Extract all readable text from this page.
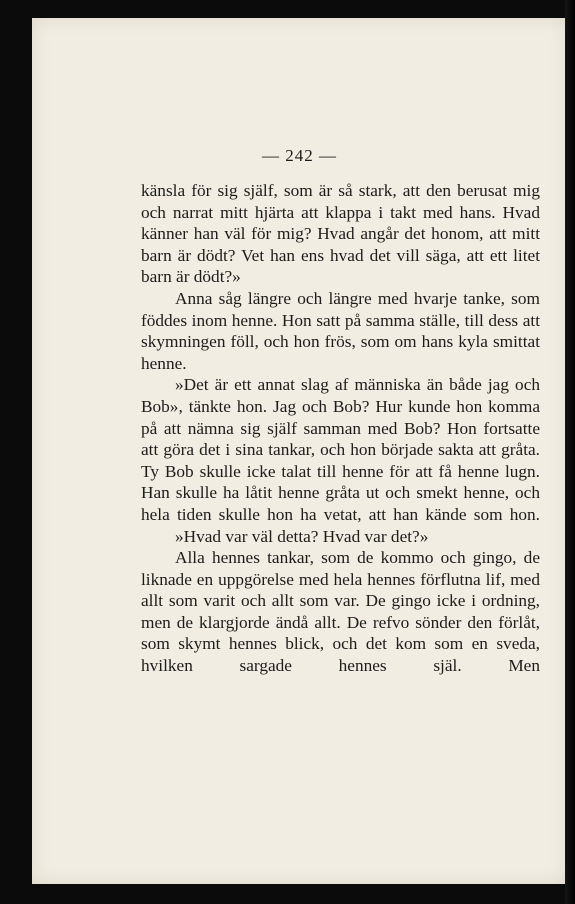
— 242 —

känsla för sig själf, som är så stark, att den berusat mig och narrat mitt hjärta att klappa i takt med hans. Hvad känner han väl för mig? Hvad angår det honom, att mitt barn är dödt? Vet han ens hvad det vill säga, att ett litet barn är dödt?»

Anna såg längre och längre med hvarje tanke, som föddes inom henne. Hon satt på samma ställe, till dess att skymningen föll, och hon frös, som om hans kyla smittat henne.

»Det är ett annat slag af människa än både jag och Bob», tänkte hon. Jag och Bob? Hur kunde hon komma på att nämna sig själf samman med Bob? Hon fortsatte att göra det i sina tankar, och hon började sakta att gråta. Ty Bob skulle icke talat till henne för att få henne lugn. Han skulle ha låtit henne gråta ut och smekt henne, och hela tiden skulle hon ha vetat, att han kände som hon.

»Hvad var väl detta? Hvad var det?»

Alla hennes tankar, som de kommo och gingo, de liknade en uppgörelse med hela hennes förflutna lif, med allt som varit och allt som var. De gingo icke i ordning, men de klargjorde ändå allt. De refvo sönder den förlåt, som skymt hennes blick, och det kom som en sveda, hvilken sargade hennes själ. Men
